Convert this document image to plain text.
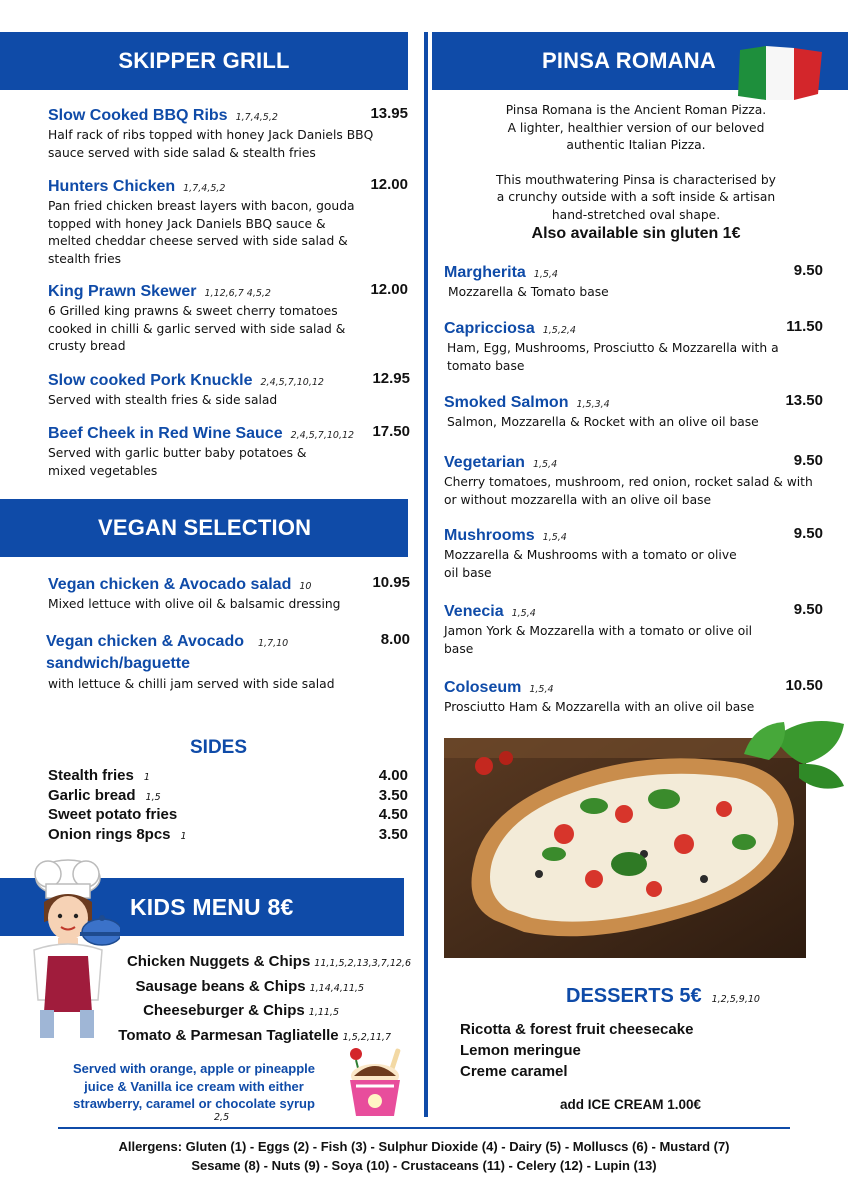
SKIPPER GRILL
Slow Cooked BBQ Ribs 1,7,4,5,2	13.95
Half rack of ribs topped with honey Jack Daniels BBQ sauce served with side salad & stealth fries
Hunters Chicken 1,7,4,5,2	12.00
Pan fried chicken breast layers with bacon, gouda topped with honey Jack Daniels BBQ sauce & melted cheddar cheese served with side salad & stealth fries
King Prawn Skewer 1,12,6,7 4,5,2	12.00
6 Grilled king prawns & sweet cherry tomatoes cooked in chilli & garlic served with side salad & crusty bread
Slow cooked Pork Knuckle 2,4,5,7,10,12	12.95
Served with stealth fries & side salad
Beef Cheek in Red Wine Sauce 2,4,5,7,10,12 17.50
Served with garlic butter baby potatoes & mixed vegetables
VEGAN SELECTION
Vegan chicken & Avocado salad 10	10.95
Mixed lettuce with olive oil & balsamic dressing
Vegan chicken & Avocado 1,7,10	8.00
sandwich/baguette
with lettuce & chilli jam served with side salad
SIDES
Stealth fries 1	4.00
Garlic bread 1,5	3.50
Sweet potato fries	4.50
Onion rings 8pcs 1	3.50
KIDS MENU 8€
Chicken Nuggets & Chips 11,1,5,2,13,3,7,12,6
Sausage beans & Chips 1,14,4,11,5
Cheeseburger & Chips 1,11,5
Tomato & Parmesan Tagliatelle 1,5,2,11,7
Served with orange, apple or pineapple
juice & Vanilla ice cream with either
strawberry, caramel or chocolate syrup
2,5
PINSA ROMANA
Pinsa Romana is the Ancient Roman Pizza.
A lighter, healthier version of our beloved
authentic Italian Pizza.
This mouthwatering Pinsa is characterised by
a crunchy outside with a soft inside & artisan
hand-stretched oval shape.
Also available sin gluten 1€
Margherita 1,5,4	9.50
Mozzarella & Tomato base
Capricciosa 1,5,2,4	11.50
Ham, Egg, Mushrooms, Prosciutto & Mozzarella with a tomato base
Smoked Salmon 1,5,3,4	13.50
Salmon, Mozzarella & Rocket with an olive oil base
Vegetarian 1,5,4	9.50
Cherry tomatoes, mushroom, red onion, rocket salad & with or without mozzarella with an olive oil base
Mushrooms 1,5,4	9.50
Mozzarella & Mushrooms with a tomato or olive oil base
Venecia 1,5,4	9.50
Jamon York & Mozzarella with a tomato or olive oil base
Coloseum 1,5,4	10.50
Prosciutto Ham & Mozzarella with an olive oil base
DESSERTS 5€ 1,2,5,9,10
Ricotta & forest fruit cheesecake
Lemon meringue
Creme caramel
add ICE CREAM 1.00€
Allergens: Gluten (1) - Eggs (2) - Fish (3) - Sulphur Dioxide (4) - Dairy (5) - Molluscs (6) - Mustard (7)
Sesame (8) - Nuts (9) - Soya (10) - Crustaceans (11) - Celery (12) - Lupin (13)
